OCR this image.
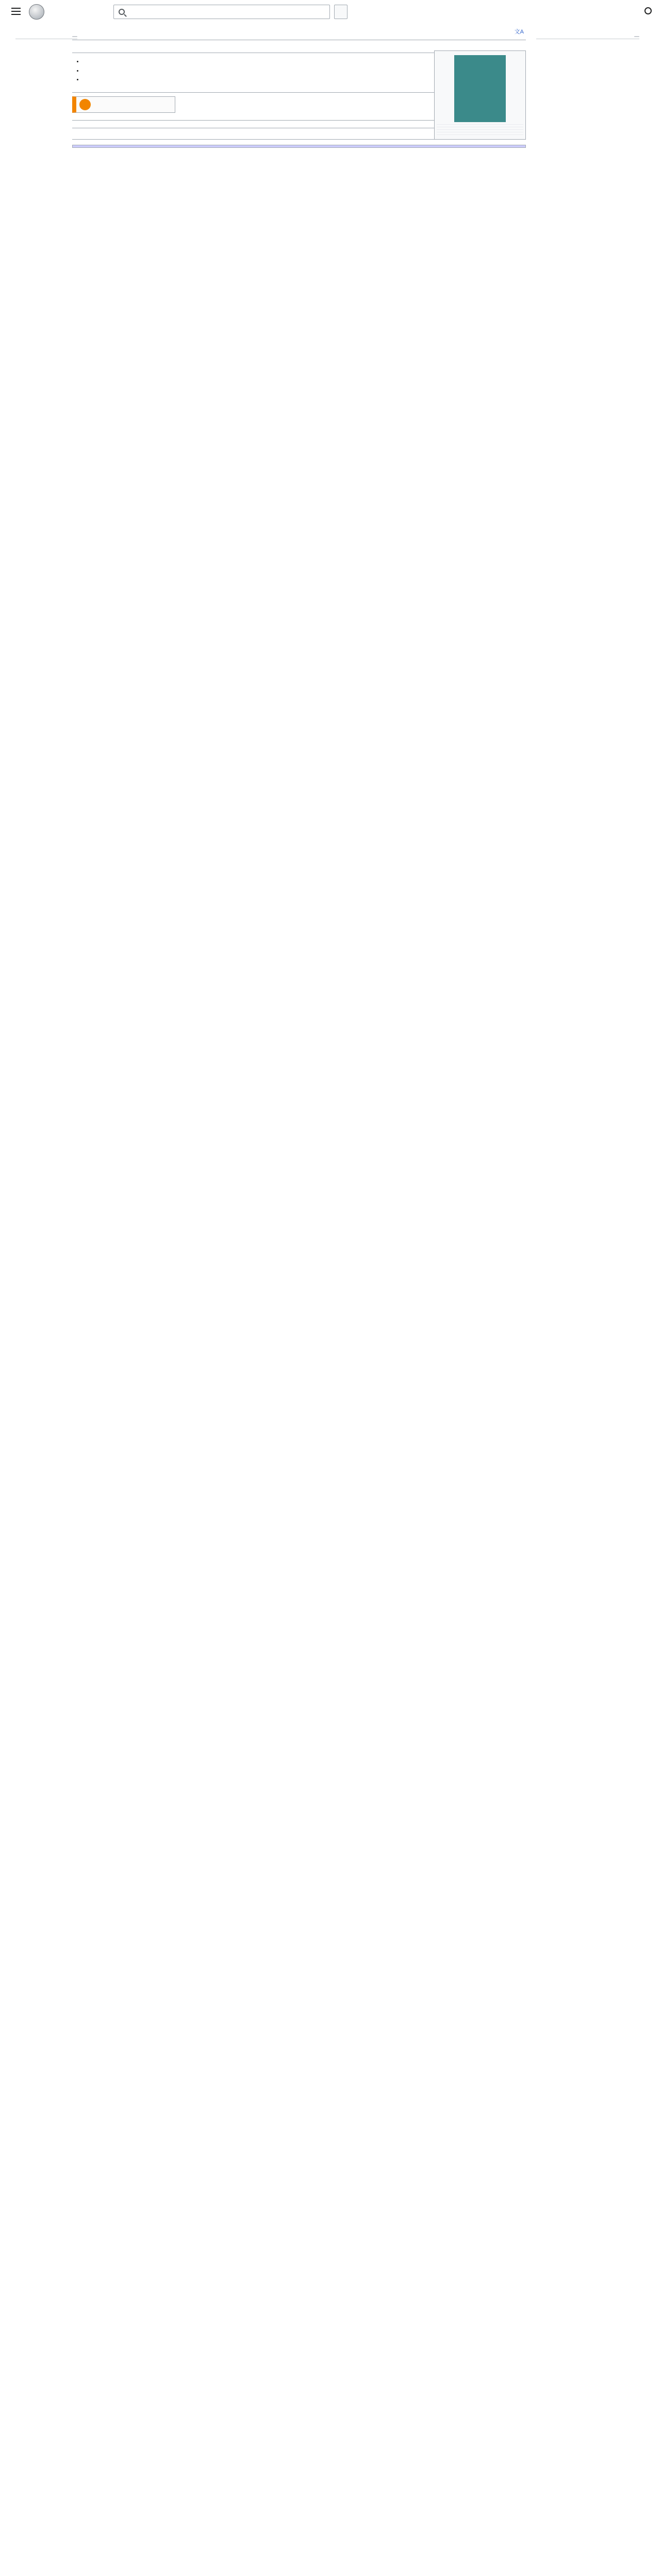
文A

•
•
•
